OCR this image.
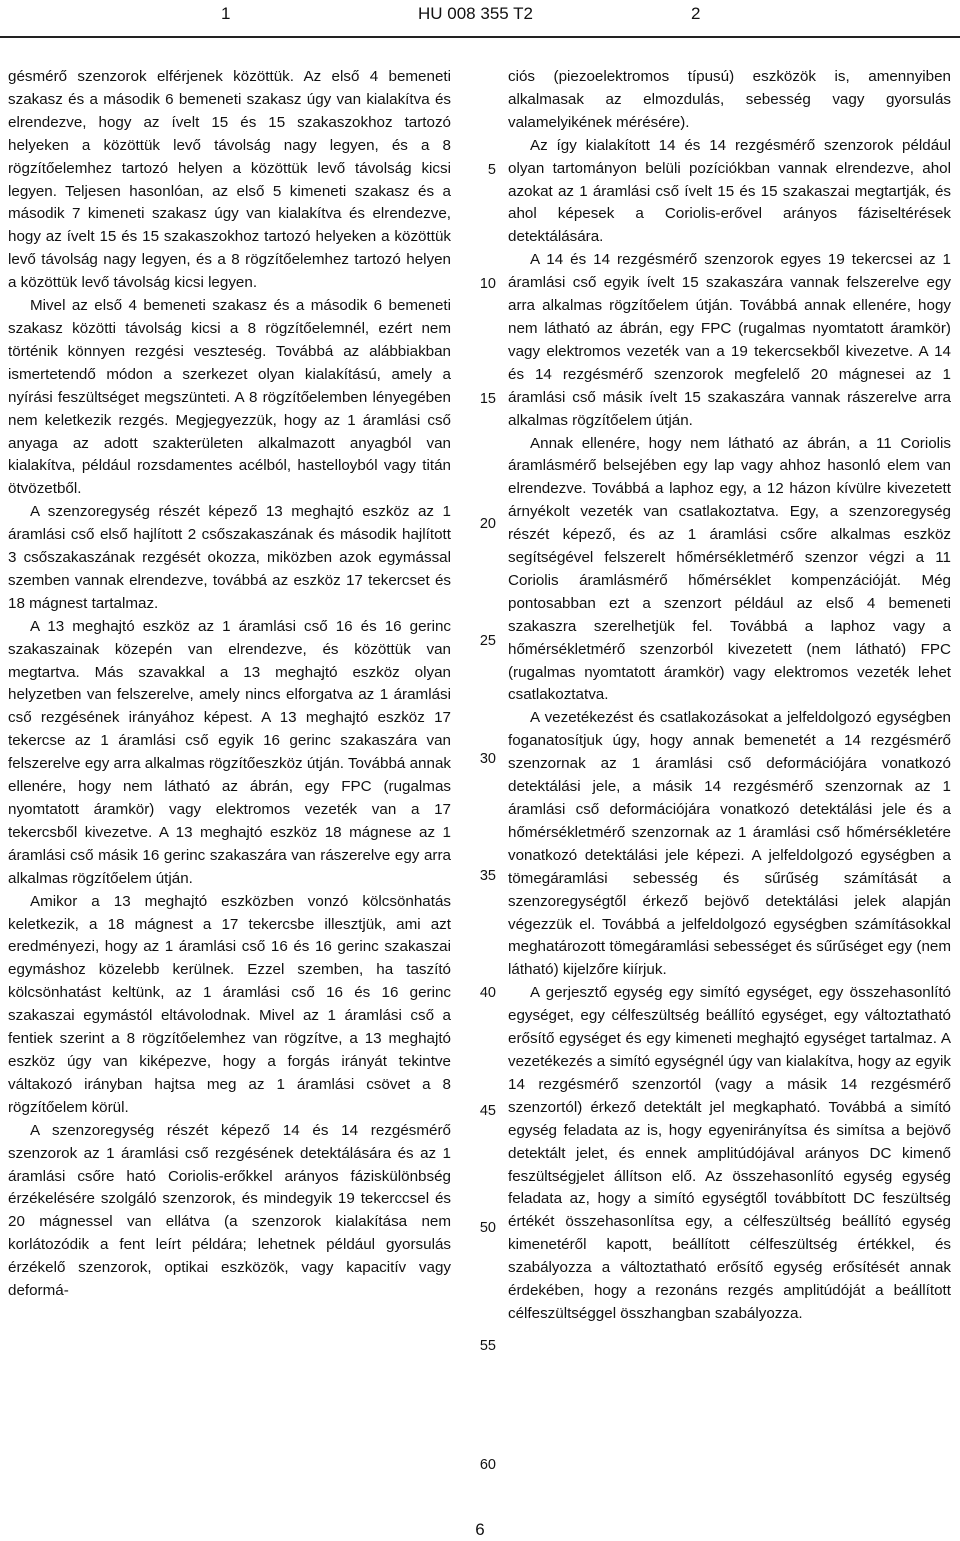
1	HU 008 355 T2	2

gésmérő szenzorok elférjenek közöttük. Az első 4 bemeneti szakasz és a második 6 bemeneti szakasz úgy van kialakítva és elrendezve, hogy az ívelt 15 és 15 szakaszokhoz tartozó helyeken a közöttük levő távolság nagy legyen, és a 8 rögzítőelemhez tartozó helyen a közöttük levő távolság kicsi legyen. Teljesen hasonlóan, az első 5 kimeneti szakasz és a második 7 kimeneti szakasz úgy van kialakítva és elrendezve, hogy az ívelt 15 és 15 szakaszokhoz tartozó helyeken a közöttük levő távolság nagy legyen, és a 8 rögzítőelemhez tartozó helyen a közöttük levő távolság kicsi legyen.

Mivel az első 4 bemeneti szakasz és a második 6 bemeneti szakasz közötti távolság kicsi a 8 rögzítőelemnél, ezért nem történik könnyen rezgési veszteség. Továbbá az alábbiakban ismertetendő módon a szerkezet olyan kialakítású, amely a nyírási feszültséget megszünteti. A 8 rögzítőelemben lényegében nem keletkezik rezgés. Megjegyezzük, hogy az 1 áramlási cső anyaga az adott szakterületen alkalmazott anyagból van kialakítva, például rozsdamentes acélból, hastelloyból vagy titán ötvözetből.

A szenzoregység részét képező 13 meghajtó eszköz az 1 áramlási cső első hajlított 2 csőszakaszának és második hajlított 3 csőszakaszának rezgését okozza, miközben azok egymással szemben vannak elrendezve, továbbá az eszköz 17 tekercset és 18 mágnest tartalmaz.

A 13 meghajtó eszköz az 1 áramlási cső 16 és 16 gerinc szakaszainak közepén van elrendezve, és közöttük van megtartva. Más szavakkal a 13 meghajtó eszköz olyan helyzetben van felszerelve, amely nincs elforgatva az 1 áramlási cső rezgésének irányához képest. A 13 meghajtó eszköz 17 tekercse az 1 áramlási cső egyik 16 gerinc szakaszára van felszerelve egy arra alkalmas rögzítőeszköz útján. Továbbá annak ellenére, hogy nem látható az ábrán, egy FPC (rugalmas nyomtatott áramkör) vagy elektromos vezeték van a 17 tekercsből kivezetve. A 13 meghajtó eszköz 18 mágnese az 1 áramlási cső másik 16 gerinc szakaszára van rászerelve egy arra alkalmas rögzítőelem útján.

Amikor a 13 meghajtó eszközben vonzó kölcsönhatás keletkezik, a 18 mágnest a 17 tekercsbe illesztjük, ami azt eredményezi, hogy az 1 áramlási cső 16 és 16 gerinc szakaszai egymáshoz közelebb kerülnek. Ezzel szemben, ha taszító kölcsönhatást keltünk, az 1 áramlási cső 16 és 16 gerinc szakaszai egymástól eltávolodnak. Mivel az 1 áramlási cső a fentiek szerint a 8 rögzítőelemhez van rögzítve, a 13 meghajtó eszköz úgy van kiképezve, hogy a forgás irányát tekintve váltakozó irányban hajtsa meg az 1 áramlási csövet a 8 rögzítőelem körül.

A szenzoregység részét képező 14 és 14 rezgésmérő szenzorok az 1 áramlási cső rezgésének detektálására és az 1 áramlási csőre ható Coriolis-erőkkel arányos fáziskülönbség érzékelésére szolgáló szenzorok, és mindegyik 19 tekerccsel és 20 mágnessel van ellátva (a szenzorok kialakítása nem korlátozódik a fent leírt példára; lehetnek például gyorsulás érzékelő szenzorok, optikai eszközök, vagy kapacitív vagy deformá-

5
10
15
20
25
30
35
40
45
50
55
60

ciós (piezoelektromos típusú) eszközök is, amennyiben alkalmasak az elmozdulás, sebesség vagy gyorsulás valamelyikének mérésére).

Az így kialakított 14 és 14 rezgésmérő szenzorok például olyan tartományon belüli pozíciókban vannak elrendezve, ahol azokat az 1 áramlási cső ívelt 15 és 15 szakaszai megtartják, és ahol képesek a Coriolis-erővel arányos fáziseltérések detektálására.

A 14 és 14 rezgésmérő szenzorok egyes 19 tekercsei az 1 áramlási cső egyik ívelt 15 szakaszára vannak felszerelve egy arra alkalmas rögzítőelem útján. Továbbá annak ellenére, hogy nem látható az ábrán, egy FPC (rugalmas nyomtatott áramkör) vagy elektromos vezeték van a 19 tekercsekből kivezetve. A 14 és 14 rezgésmérő szenzorok megfelelő 20 mágnesei az 1 áramlási cső másik ívelt 15 szakaszára vannak rászerelve arra alkalmas rögzítőelem útján.

Annak ellenére, hogy nem látható az ábrán, a 11 Coriolis áramlásmérő belsejében egy lap vagy ahhoz hasonló elem van elrendezve. Továbbá a laphoz egy, a 12 házon kívülre kivezetett árnyékolt vezeték van csatlakoztatva. Egy, a szenzoregység részét képező, és az 1 áramlási csőre alkalmas eszköz segítségével felszerelt hőmérsékletmérő szenzor végzi a 11 Coriolis áramlásmérő hőmérséklet kompenzációját. Még pontosabban ezt a szenzort például az első 4 bemeneti szakaszra szerelhetjük fel. Továbbá a laphoz vagy a hőmérsékletmérő szenzorból kivezetett (nem látható) FPC (rugalmas nyomtatott áramkör) vagy elektromos vezeték lehet csatlakoztatva.

A vezetékezést és csatlakozásokat a jelfeldolgozó egységben foganatosítjuk úgy, hogy annak bemenetét a 14 rezgésmérő szenzornak az 1 áramlási cső deformációjára vonatkozó detektálási jele, a másik 14 rezgésmérő szenzornak az 1 áramlási cső deformációjára vonatkozó detektálási jele és a hőmérsékletmérő szenzornak az 1 áramlási cső hőmérsékletére vonatkozó detektálási jele képezi. A jelfeldolgozó egységben a tömegáramlási sebesség és sűrűség számítását a szenzoregységtől érkező bejövő detektálási jelek alapján végezzük el. Továbbá a jelfeldolgozó egységben számításokkal meghatározott tömegáramlási sebességet és sűrűséget egy (nem látható) kijelzőre kiírjuk.

A gerjesztő egység egy simító egységet, egy összehasonlító egységet, egy célfeszültség beállító egységet, egy változtatható erősítő egységet és egy kimeneti meghajtó egységet tartalmaz. A vezetékezés a simító egységnél úgy van kialakítva, hogy az egyik 14 rezgésmérő szenzortól (vagy a másik 14 rezgésmérő szenzortól) érkező detektált jel megkapható. Továbbá a simító egység feladata az is, hogy egyenirányítsa és simítsa a bejövő detektált jelet, és ennek amplitúdójával arányos DC kimenő feszültségjelet állítson elő. Az összehasonlító egység egység feladata az, hogy a simító egységtől továbbított DC feszültség értékét összehasonlítsa egy, a célfeszültség beállító egység kimenetéről kapott, beállított célfeszültség értékkel, és szabályozza a változtatható erősítő egység erősítését annak érdekében, hogy a rezonáns rezgés amplitúdóját a beállított célfeszültséggel összhangban szabályozza.

6
